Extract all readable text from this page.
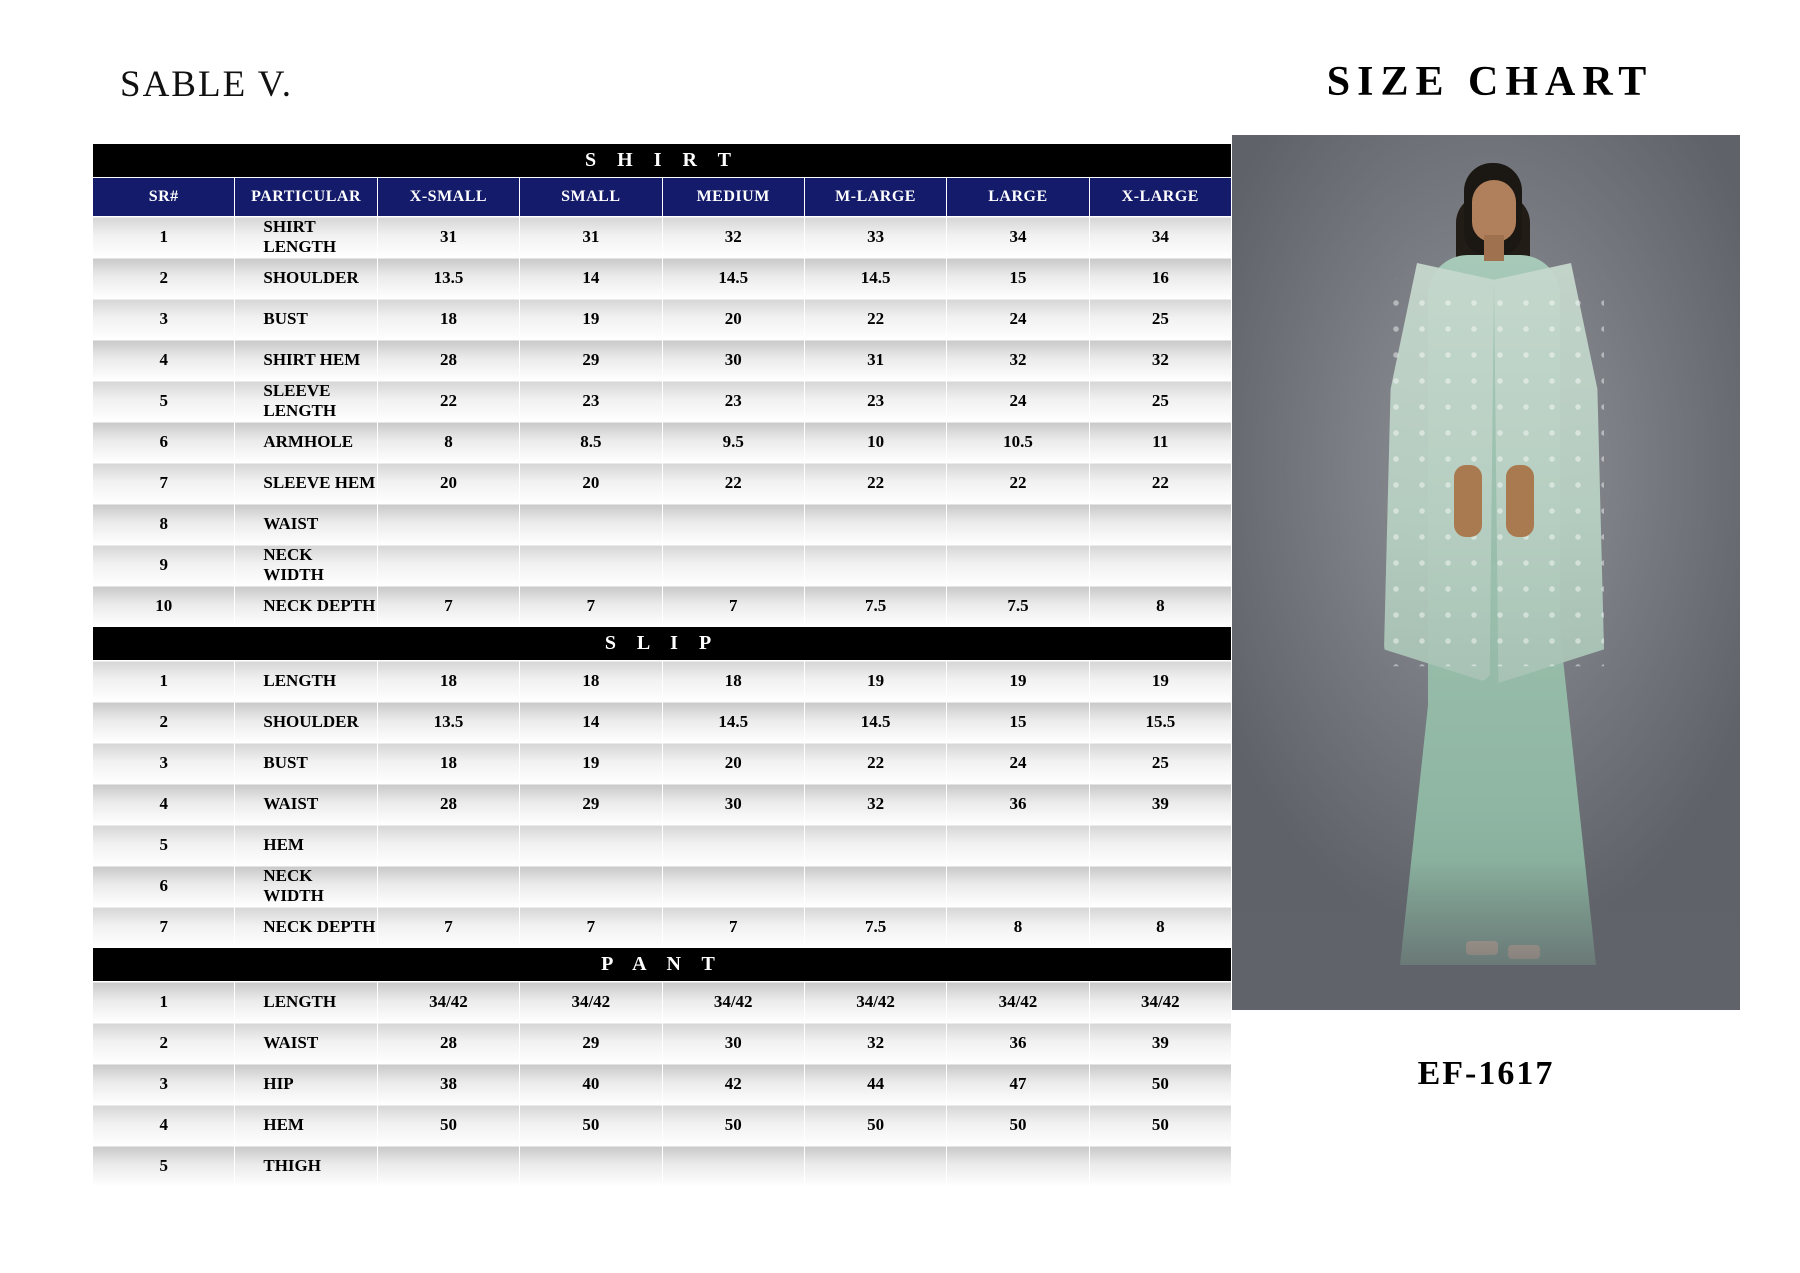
SABLE V.	SIZE CHART
S H I R T							
SR#	PARTICULAR	X-SMALL	SMALL	MEDIUM	M-LARGE	LARGE	X-LARGE
1	SHIRT LENGTH	31	31	32	33	34	34
2	SHOULDER	13.5	14	14.5	14.5	15	16
3	BUST	18	19	20	22	24	25
4	SHIRT HEM	28	29	30	31	32	32
5	SLEEVE LENGTH	22	23	23	23	24	25
6	ARMHOLE	8	8.5	9.5	10	10.5	11
7	SLEEVE HEM	20	20	22	22	22	22
8	WAIST						
9	NECK WIDTH						
10	NECK DEPTH	7	7	7	7.5	7.5	8
S L I P							
1	LENGTH	18	18	18	19	19	19
2	SHOULDER	13.5	14	14.5	14.5	15	15.5
3	BUST	18	19	20	22	24	25
4	WAIST	28	29	30	32	36	39
5	HEM						
6	NECK WIDTH						
7	NECK DEPTH	7	7	7	7.5	8	8
P A N T							
1	LENGTH	34/42	34/42	34/42	34/42	34/42	34/42
2	WAIST	28	29	30	32	36	39
3	HIP	38	40	42	44	47	50
4	HEM	50	50	50	50	50	50
5	THIGH						
EF-1617
